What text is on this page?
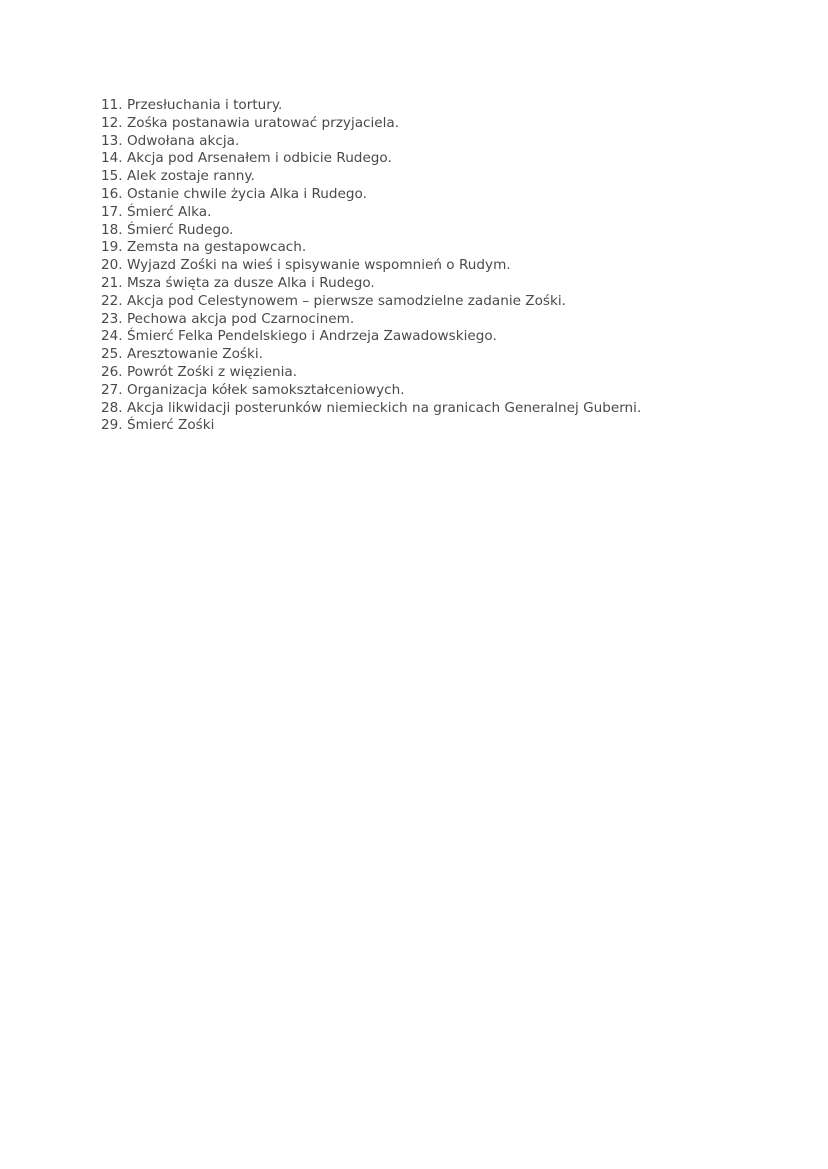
11. Przesłuchania i tortury.
12. Zośka postanawia uratować przyjaciela.
13. Odwołana akcja.
14. Akcja pod Arsenałem i odbicie Rudego.
15. Alek zostaje ranny.
16. Ostanie chwile życia Alka i Rudego.
17. Śmierć Alka.
18. Śmierć Rudego.
19. Zemsta na gestapowcach.
20. Wyjazd Zośki na wieś i spisywanie wspomnień o Rudym.
21. Msza święta za dusze Alka i Rudego.
22. Akcja pod Celestynowem – pierwsze samodzielne zadanie Zośki.
23. Pechowa akcja pod Czarnocinem.
24. Śmierć Felka Pendelskiego i Andrzeja Zawadowskiego.
25. Aresztowanie Zośki.
26. Powrót Zośki z więzienia.
27. Organizacja kółek samokształceniowych.
28. Akcja likwidacji posterunków niemieckich na granicach Generalnej Guberni.
29. Śmierć Zośki
